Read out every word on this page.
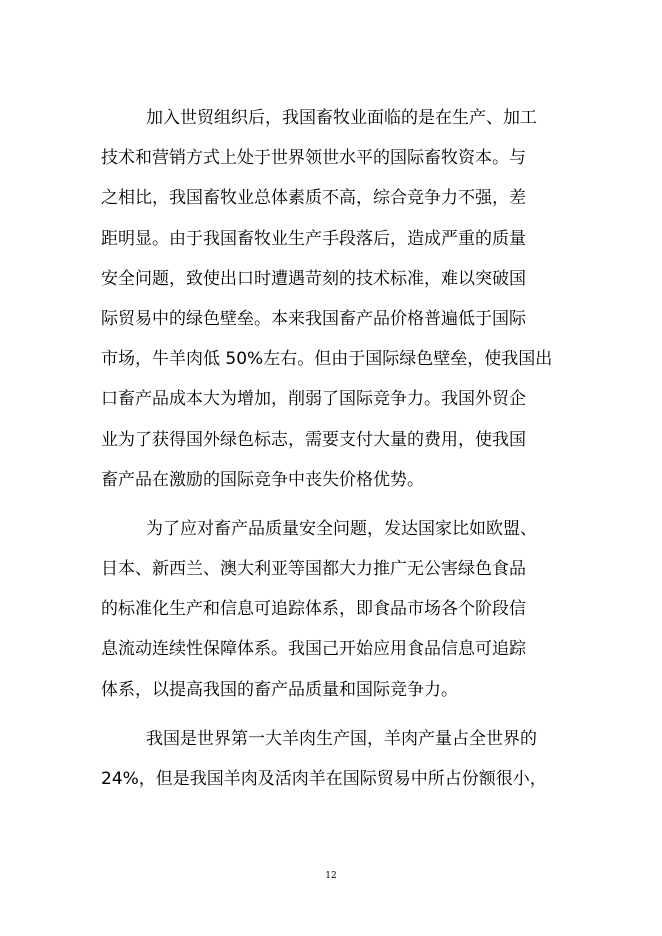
加入世贸组织后，我国畜牧业面临的是在生产、加工
技术和营销方式上处于世界领世水平的国际畜牧资本。与
之相比，我国畜牧业总体素质不高，综合竞争力不强，差
距明显。由于我国畜牧业生产手段落后，造成严重的质量
安全问题，致使出口时遭遇苛刻的技术标准，难以突破国
际贸易中的绿色壁垒。本来我国畜产品价格普遍低于国际
市场，牛羊肉低 50%左右。但由于国际绿色壁垒，使我国出
口畜产品成本大为增加，削弱了国际竞争力。我国外贸企
业为了获得国外绿色标志，需要支付大量的费用，使我国
畜产品在激励的国际竞争中丧失价格优势。
为了应对畜产品质量安全问题，发达国家比如欧盟、
日本、新西兰、澳大利亚等国都大力推广无公害绿色食品
的标准化生产和信息可追踪体系，即食品市场各个阶段信
息流动连续性保障体系。我国己开始应用食品信息可追踪
体系，以提高我国的畜产品质量和国际竞争力。
我国是世界第一大羊肉生产国，羊肉产量占全世界的
24%，但是我国羊肉及活肉羊在国际贸易中所占份额很小，
12
